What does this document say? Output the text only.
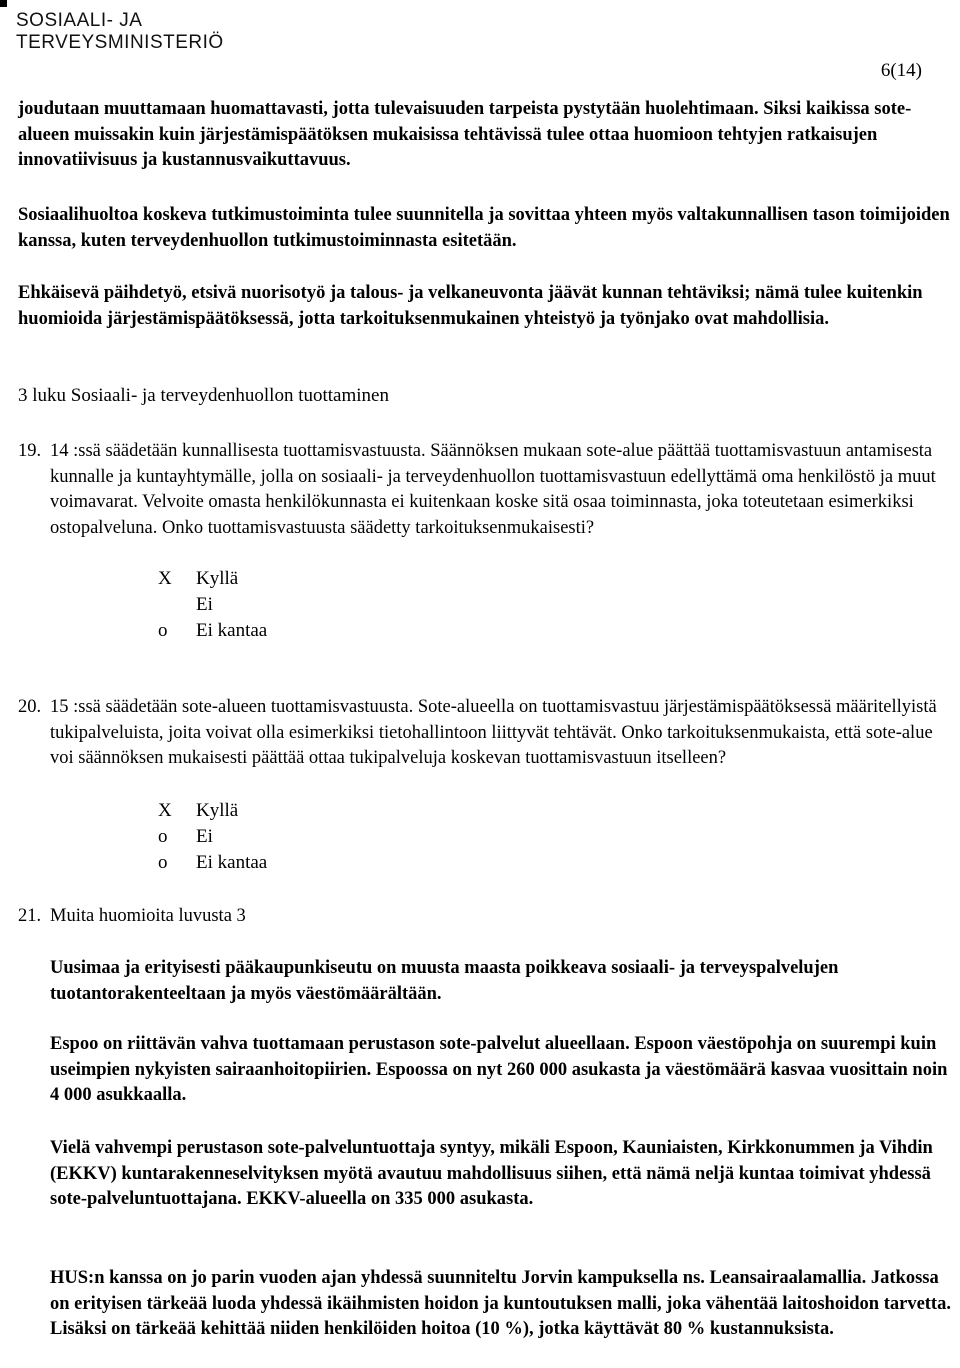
SOSIAALI- JA
TERVEYSMINISTERIÖ
6(14)
joudutaan muuttamaan huomattavasti, jotta tulevaisuuden tarpeista pystytään huolehtimaan. Siksi kaikissa sote-alueen muissakin kuin järjestämispäätöksen mukaisissa tehtävissä tulee ottaa huomioon tehtyjen ratkaisujen innovatiivisuus ja kustannusvaikuttavuus.
Sosiaalihuoltoa koskeva tutkimustoiminta tulee suunnitella ja sovittaa yhteen myös valtakunnallisen tason toimijoiden kanssa, kuten terveydenhuollon tutkimustoiminnasta esitetään.
Ehkäisevä päihdetyö, etsivä nuorisotyö ja talous- ja velkaneuvonta jäävät kunnan tehtäviksi; nämä tulee kuitenkin huomioida järjestämispäätöksessä, jotta tarkoituksenmukainen yhteistyö ja työnjako ovat mahdollisia.
3 luku Sosiaali- ja terveydenhuollon tuottaminen
19. 14 :ssä säädetään kunnallisesta tuottamisvastuusta. Säännöksen mukaan sote-alue päättää tuottamisvastuun antamisesta kunnalle ja kuntayhtymälle, jolla on sosiaali- ja terveydenhuollon tuottamisvastuun edellyttämä oma henkilöstö ja muut voimavarat. Velvoite omasta henkilökunnasta ei kuitenkaan koske sitä osaa toiminnasta, joka toteutetaan esimerkiksi ostopalveluna. Onko tuottamisvastuusta säädetty tarkoituksenmukaisesti?
X Kyllä
Ei
o Ei kantaa
20. 15 :ssä säädetään sote-alueen tuottamisvastuusta. Sote-alueella on tuottamisvastuu järjestämispäätöksessä määritellyistä tukipalveluista, joita voivat olla esimerkiksi tietohallintoon liittyvät tehtävät. Onko tarkoituksenmukaista, että sote-alue voi säännöksen mukaisesti päättää ottaa tukipalveluja koskevan tuottamisvastuun itselleen?
X Kyllä
o Ei
o Ei kantaa
21. Muita huomioita luvusta 3
Uusimaa ja erityisesti pääkaupunkiseutu on muusta maasta poikkeava sosiaali- ja terveyspalvelujen tuotantorakenteeltaan ja myös väestömäärältään.
Espoo on riittävän vahva tuottamaan perustason sote-palvelut alueellaan. Espoon väestöpohja on suurempi kuin useimpien nykyisten sairaanhoitopiirien. Espoossa on nyt 260 000 asukasta ja väestömäärä kasvaa vuosittain noin 4 000 asukkaalla.
Vielä vahvempi perustason sote-palveluntuottaja syntyy, mikäli Espoon, Kauniaisten, Kirkkonummen ja Vihdin (EKKV) kuntarakenneselvityksen myötä avautuu mahdollisuus siihen, että nämä neljä kuntaa toimivat yhdessä sote-palveluntuottajana. EKKV-alueella on 335 000 asukasta.
HUS:n kanssa on jo parin vuoden ajan yhdessä suunniteltu Jorvin kampuksella ns. Leansairaalamallia. Jatkossa on erityisen tärkeää luoda yhdessä ikäihmisten hoidon ja kuntoutuksen malli, joka vähentää laitoshoidon tarvetta. Lisäksi on tärkeää kehittää niiden henkilöiden hoitoa (10 %), jotka käyttävät 80 % kustannuksista.
